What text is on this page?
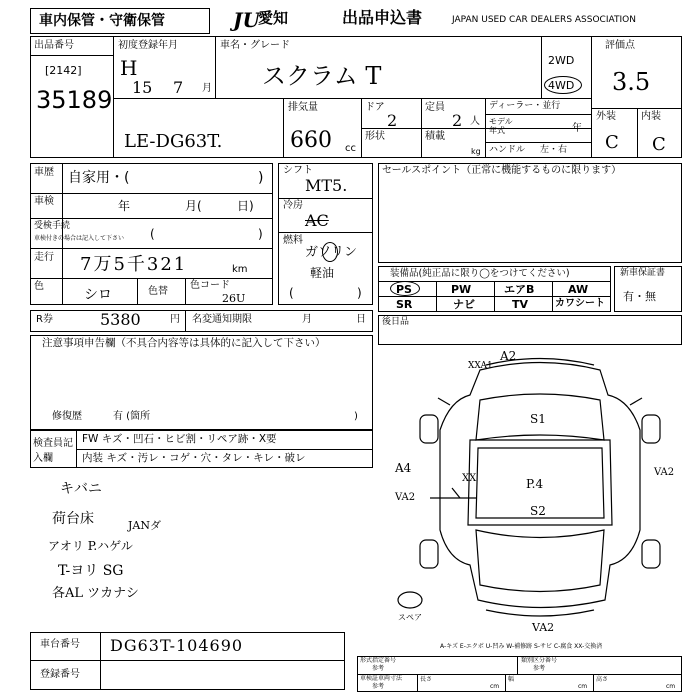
車内保管・守衛保管	JU
愛知	出品申込書	JAPAN USED CAR DEALERS ASSOCIATION
出品番号
[2142]
35189
初度登録年月
H
15 7 月
車名・グレード
スクラム T
2WD
4WD
評価点
3.5
LE-DG63T.
排気量
660 cc
ドア
2
形状
定員
2 人
積載
kg
ディーラー・並行
モデル年式	年
ハンドル 左・右
外装
C
内装
C
車歴 自家用・(	)
車検	年	月(	日)
受検手続
車検付きの場合は記入して下さい (	)
走行 7万5千321	km
色
シロ	色替
色コード
26U
シフト
MT5.
冷房
AC
燃料
ガソリン
軽油
(	)
セールスポイント（正常に機能するものに限ります）
装備品(純正品に限り◯をつけてください)
PS	PW	エアB	AW
SR	ナビ	TV	カワシート
新車保証書
有・無
R券	5380	円 名変通知期限	月	日 後日品
注意事項申告欄（不具合内容等は具体的に記入して下さい）
修復歴	有 (箇所	)
検査員記入欄
FW キズ・凹石・ヒビ割・リペア跡・X要
内装 キズ・汚レ・コゲ・穴・タレ・キレ・破レ
キバニ
荷台床	JANダ
アオリ P.ハゲル
T-ヨリ SG
各AL ツカナシ
A2
XXA1
S1
A4
VA2
XX	P.4
S2
VA2
VA2
スペア
A-キズ E-エクボ U-凹み W-補修跡 S-サビ C-腐食 XX-交換済
車台番号 DG63T-104690
登録番号
形式指定番号
参考
類別区分番号
参考
車検証車両寸法
参考
長さ
cm
幅
cm
高さ
cm
